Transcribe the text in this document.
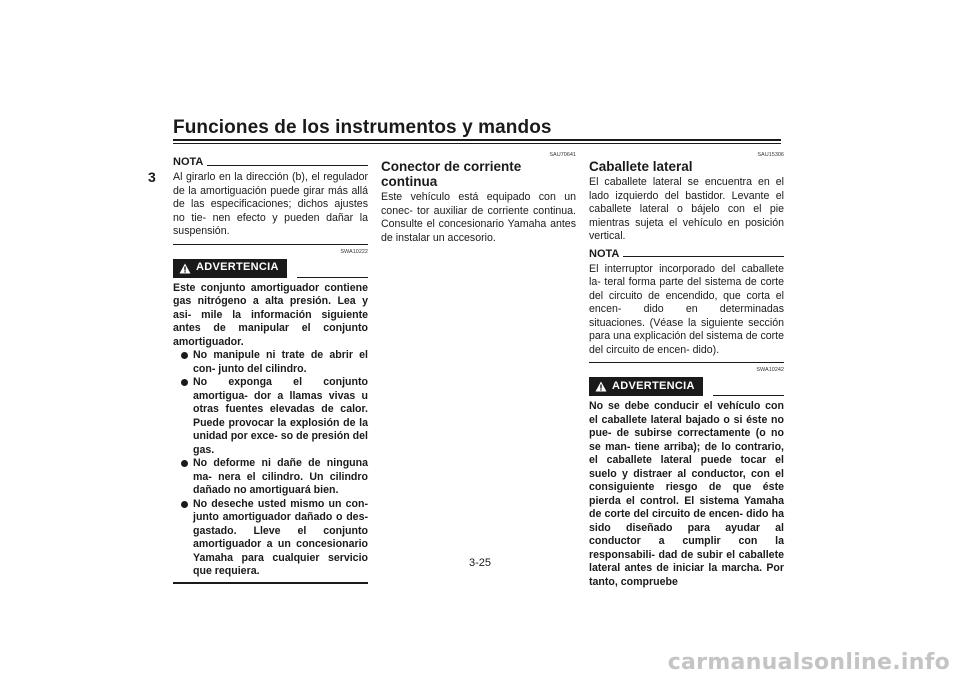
Funciones de los instrumentos y mandos
3
NOTA

Al girarlo en la dirección (b), el regulador de la amortiguación puede girar más allá de las especificaciones; dichos ajustes no tie- nen efecto y pueden dañar la suspensión.

SWA10222
ADVERTENCIA

Este conjunto amortiguador contiene gas nitrógeno a alta presión. Lea y asi- mile la información siguiente antes de manipular el conjunto amortiguador.

No manipule ni trate de abrir el con- junto del cilindro.
No exponga el conjunto amortigua- dor a llamas vivas u otras fuentes elevadas de calor. Puede provocar la explosión de la unidad por exce- so de presión del gas.
No deforme ni dañe de ninguna ma- nera el cilindro. Un cilindro dañado no amortiguará bien.
No deseche usted mismo un con- junto amortiguador dañado o des- gastado. Lleve el conjunto amortiguador a un concesionario Yamaha para cualquier servicio que requiera.
SAU70641
Conector de corriente continua

Este vehículo está equipado con un conec- tor auxiliar de corriente continua. Consulte el concesionario Yamaha antes de instalar un accesorio.

SAU15306
Caballete lateral

El caballete lateral se encuentra en el lado izquierdo del bastidor. Levante el caballete lateral o bájelo con el pie mientras sujeta el vehículo en posición vertical.

NOTA

El interruptor incorporado del caballete la- teral forma parte del sistema de corte del circuito de encendido, que corta el encen- dido en determinadas situaciones. (Véase la siguiente sección para una explicación del sistema de corte del circuito de encen- dido).

SWA10242
ADVERTENCIA

No se debe conducir el vehículo con el caballete lateral bajado o si éste no pue- de subirse correctamente (o no se man- tiene arriba); de lo contrario, el caballete lateral puede tocar el suelo y distraer al conductor, con el consiguiente riesgo de que éste pierda el control. El sistema Yamaha de corte del circuito de encen- dido ha sido diseñado para ayudar al conductor a cumplir con la responsabili- dad de subir el caballete lateral antes de iniciar la marcha. Por tanto, compruebe

3-25
carmanualsonline.info
